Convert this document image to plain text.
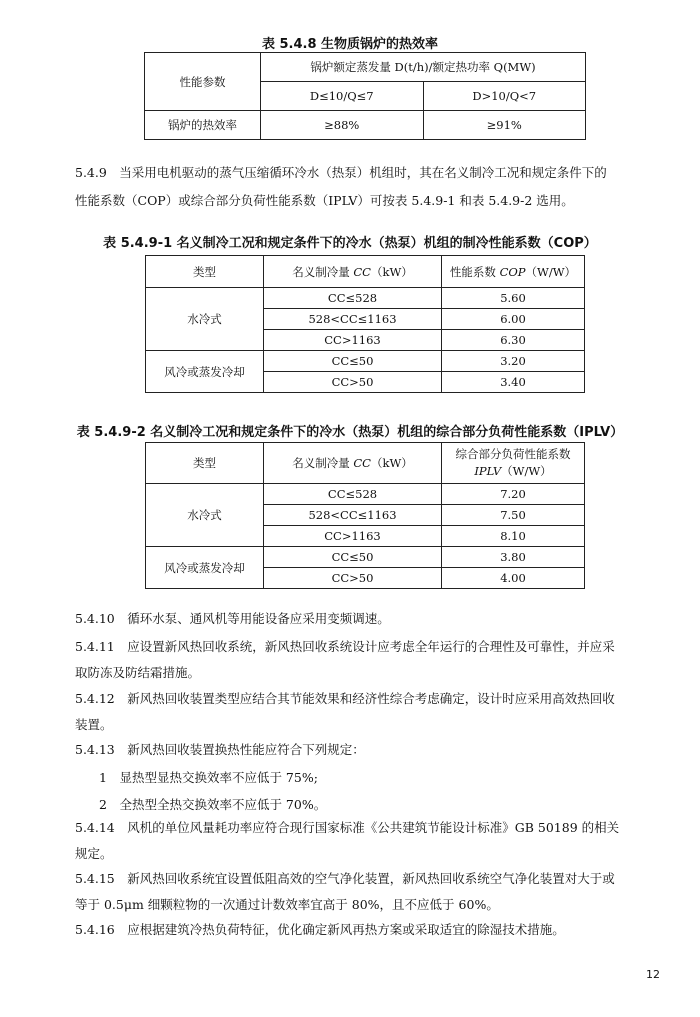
表 5.4.8 生物质锅炉的热效率
性能参数	锅炉额定蒸发量 D(t/h)/额定热功率 Q(MW)	
	D≤10/Q≤7	D>10/Q<7
锅炉的热效率	≥88%	≥91%
5.4.9　当采用电机驱动的蒸气压缩循环冷水（热泵）机组时，其在名义制冷工况和规定条件下的
性能系数（COP）或综合部分负荷性能系数（IPLV）可按表 5.4.9-1 和表 5.4.9-2 选用。
表 5.4.9-1 名义制冷工况和规定条件下的冷水（热泵）机组的制冷性能系数（COP）
类型	名义制冷量 CC（kW）	性能系数 COP（W/W）
水冷式	CC≤528	5.60
	528<CC≤1163	6.00
	CC>1163	6.30
风冷或蒸发冷却	CC≤50	3.20
	CC>50	3.40
表 5.4.9-2 名义制冷工况和规定条件下的冷水（热泵）机组的综合部分负荷性能系数（IPLV）
类型	名义制冷量 CC（kW）	综合部分负荷性能系数
IPLV（W/W）

水冷式	CC≤528	7.20
	528<CC≤1163	7.50
	CC>1163	8.10
风冷或蒸发冷却	CC≤50	3.80
	CC>50	4.00
5.4.10　循环水泵、通风机等用能设备应采用变频调速。
5.4.11　应设置新风热回收系统，新风热回收系统设计应考虑全年运行的合理性及可靠性，并应采
取防冻及防结霜措施。
5.4.12　新风热回收装置类型应结合其节能效果和经济性综合考虑确定，设计时应采用高效热回收
装置。
5.4.13　新风热回收装置换热性能应符合下列规定：
1　显热型显热交换效率不应低于 75%;
2　全热型全热交换效率不应低于 70%。
5.4.14　风机的单位风量耗功率应符合现行国家标准《公共建筑节能设计标准》GB 50189 的相关
规定。
5.4.15　新风热回收系统宜设置低阻高效的空气净化装置，新风热回收系统空气净化装置对大于或
等于 0.5μm 细颗粒物的一次通过计数效率宜高于 80%，且不应低于 60%。
5.4.16　应根据建筑冷热负荷特征，优化确定新风再热方案或采取适宜的除湿技术措施。
12
